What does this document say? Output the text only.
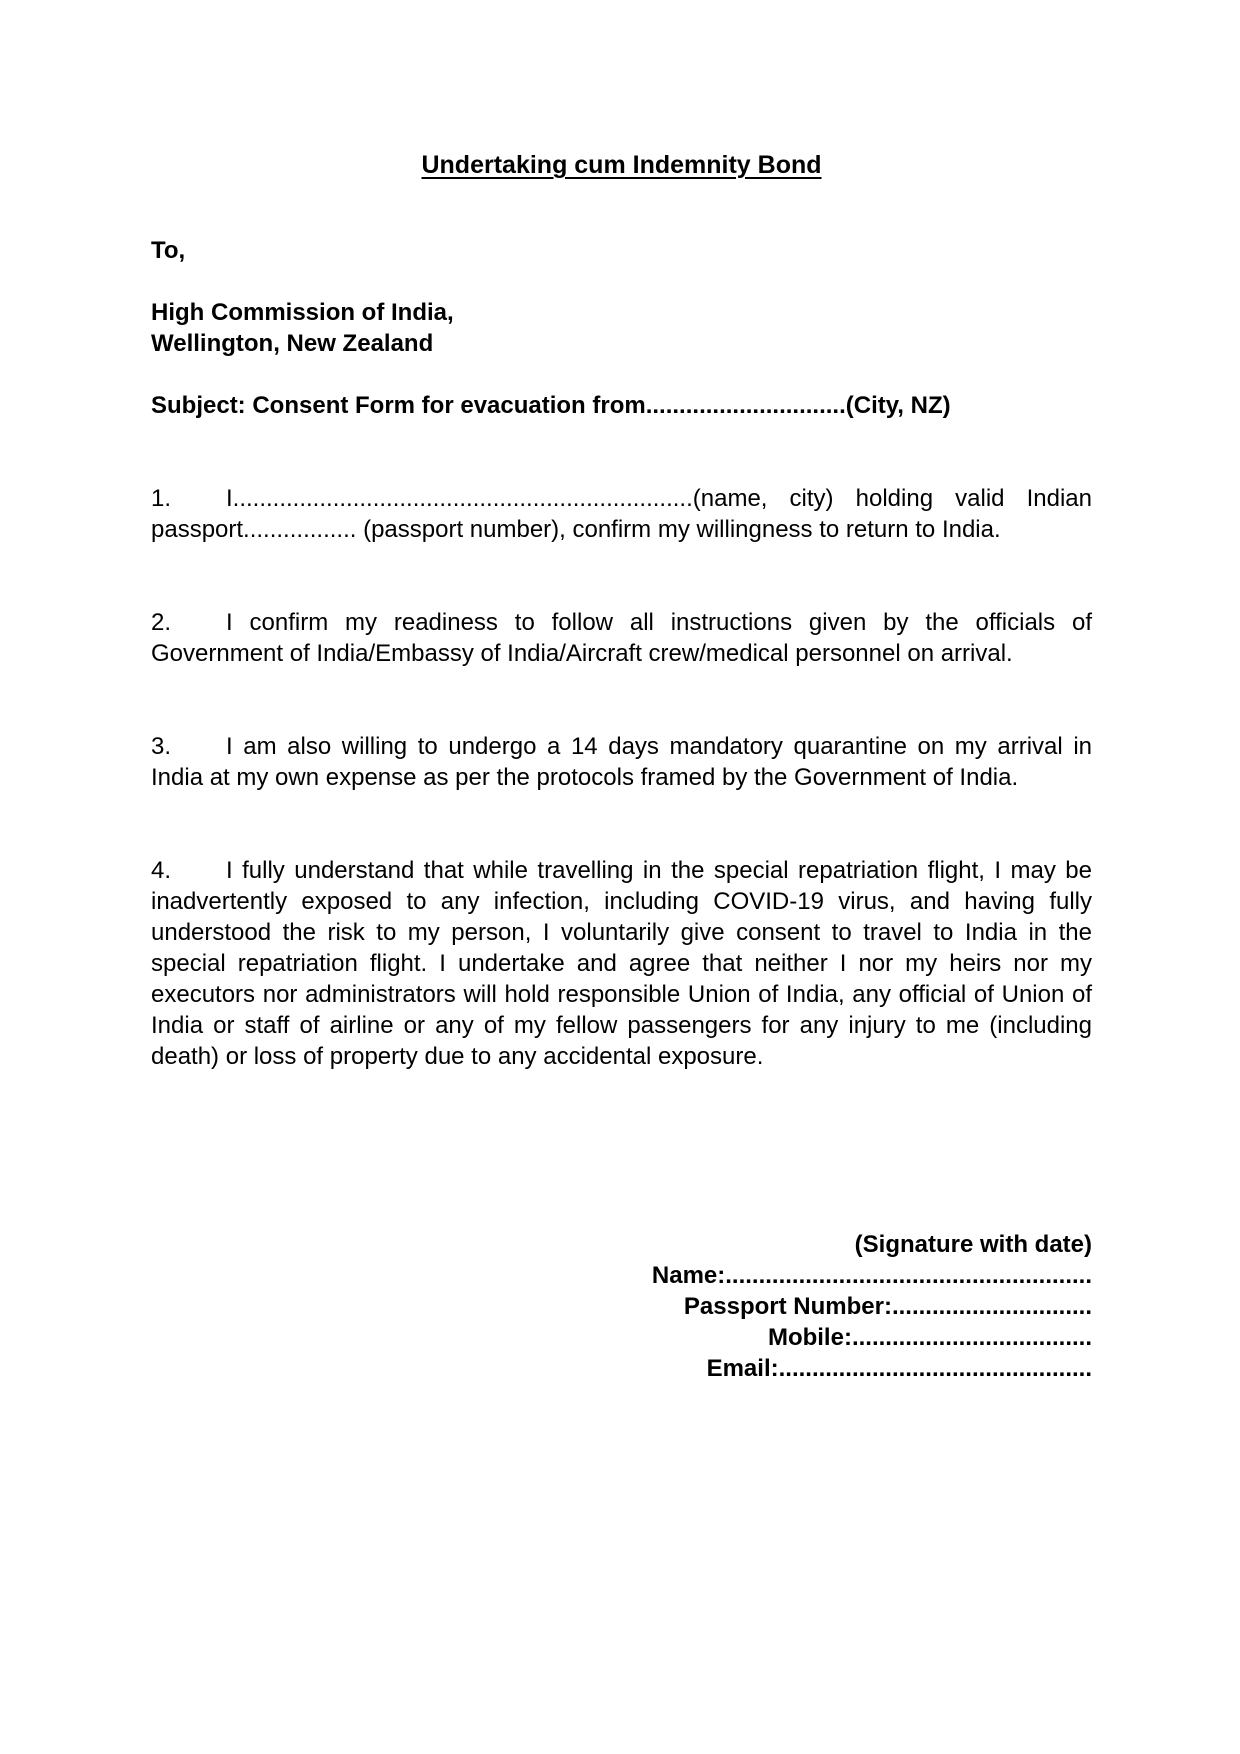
Undertaking cum Indemnity Bond

To,

High Commission of India,
Wellington, New Zealand

Subject: Consent Form for evacuation from..............................(City, NZ)

1. I.....................................................................(name, city) holding valid Indian passport................. (passport number), confirm my willingness to return to India.

2. I confirm my readiness to follow all instructions given by the officials of Government of India/Embassy of India/Aircraft crew/medical personnel on arrival.

3. I am also willing to undergo a 14 days mandatory quarantine on my arrival in India at my own expense as per the protocols framed by the Government of India.

4. I fully understand that while travelling in the special repatriation flight, I may be inadvertently exposed to any infection, including COVID-19 virus, and having fully understood the risk to my person, I voluntarily give consent to travel to India in the special repatriation flight. I undertake and agree that neither I nor my heirs nor my executors nor administrators will hold responsible Union of India, any official of Union of India or staff of airline or any of my fellow passengers for any injury to me (including death) or loss of property due to any accidental exposure.

(Signature with date)
Name:.......................................................
Passport Number:..............................
Mobile:....................................
Email:...............................................
